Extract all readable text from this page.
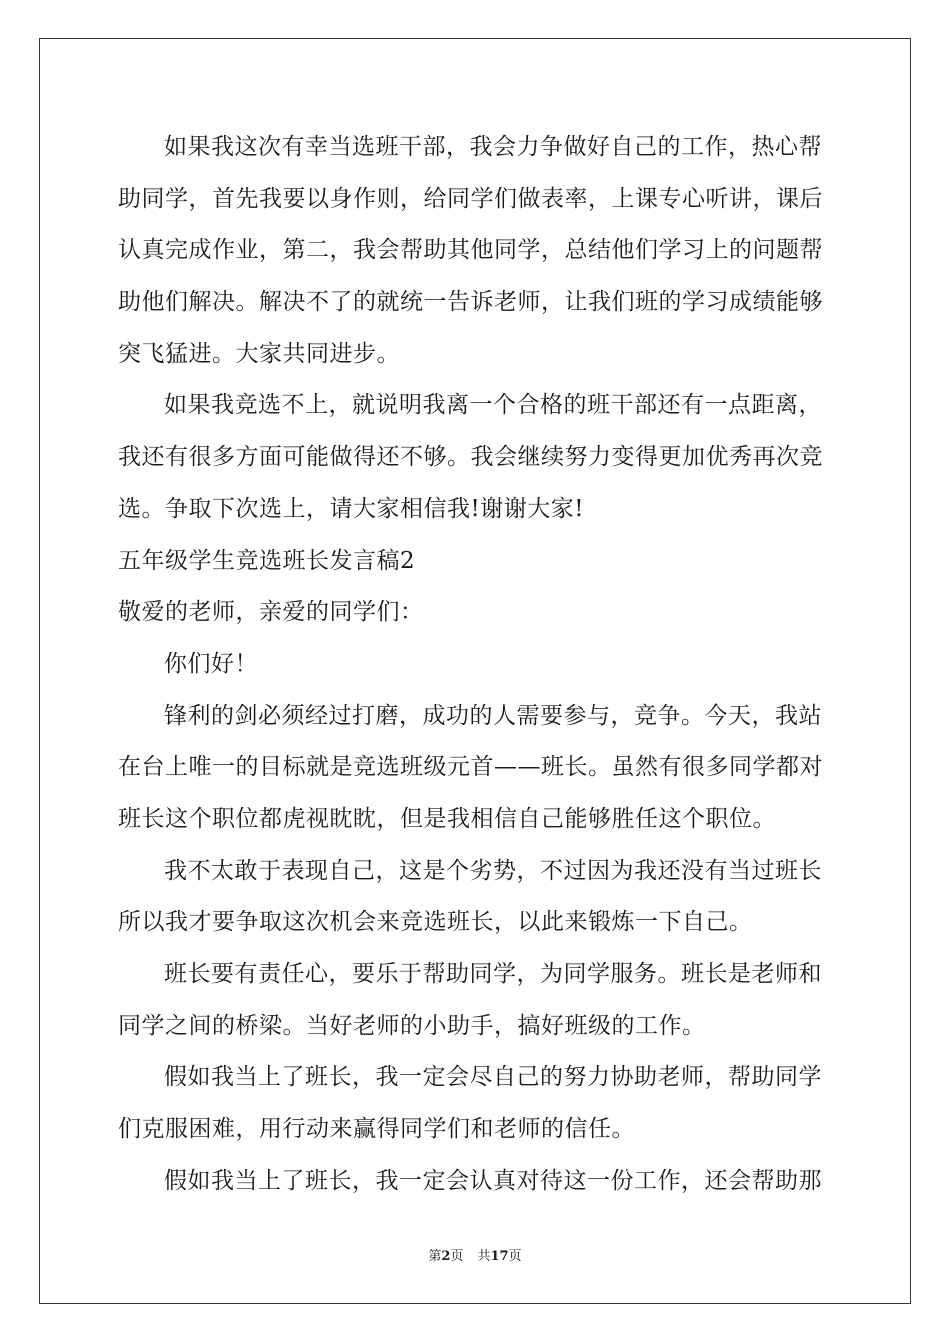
如果我这次有幸当选班干部，我会力争做好自己的工作，热心帮
助同学，首先我要以身作则，给同学们做表率，上课专心听讲，课后
认真完成作业，第二，我会帮助其他同学，总结他们学习上的问题帮
助他们解决。解决不了的就统一告诉老师，让我们班的学习成绩能够
突飞猛进。大家共同进步。
如果我竞选不上，就说明我离一个合格的班干部还有一点距离，
我还有很多方面可能做得还不够。我会继续努力变得更加优秀再次竞
选。争取下次选上，请大家相信我!谢谢大家!
五年级学生竞选班长发言稿2
敬爱的老师，亲爱的同学们：
你们好！
锋利的剑必须经过打磨，成功的人需要参与，竞争。今天，我站
在台上唯一的目标就是竞选班级元首——班长。虽然有很多同学都对
班长这个职位都虎视眈眈，但是我相信自己能够胜任这个职位。
我不太敢于表现自己，这是个劣势，不过因为我还没有当过班长
所以我才要争取这次机会来竞选班长，以此来锻炼一下自己。
班长要有责任心，要乐于帮助同学，为同学服务。班长是老师和
同学之间的桥梁。当好老师的小助手，搞好班级的工作。
假如我当上了班长，我一定会尽自己的努力协助老师，帮助同学
们克服困难，用行动来赢得同学们和老师的信任。
假如我当上了班长，我一定会认真对待这一份工作，还会帮助那
第2页 共17页
